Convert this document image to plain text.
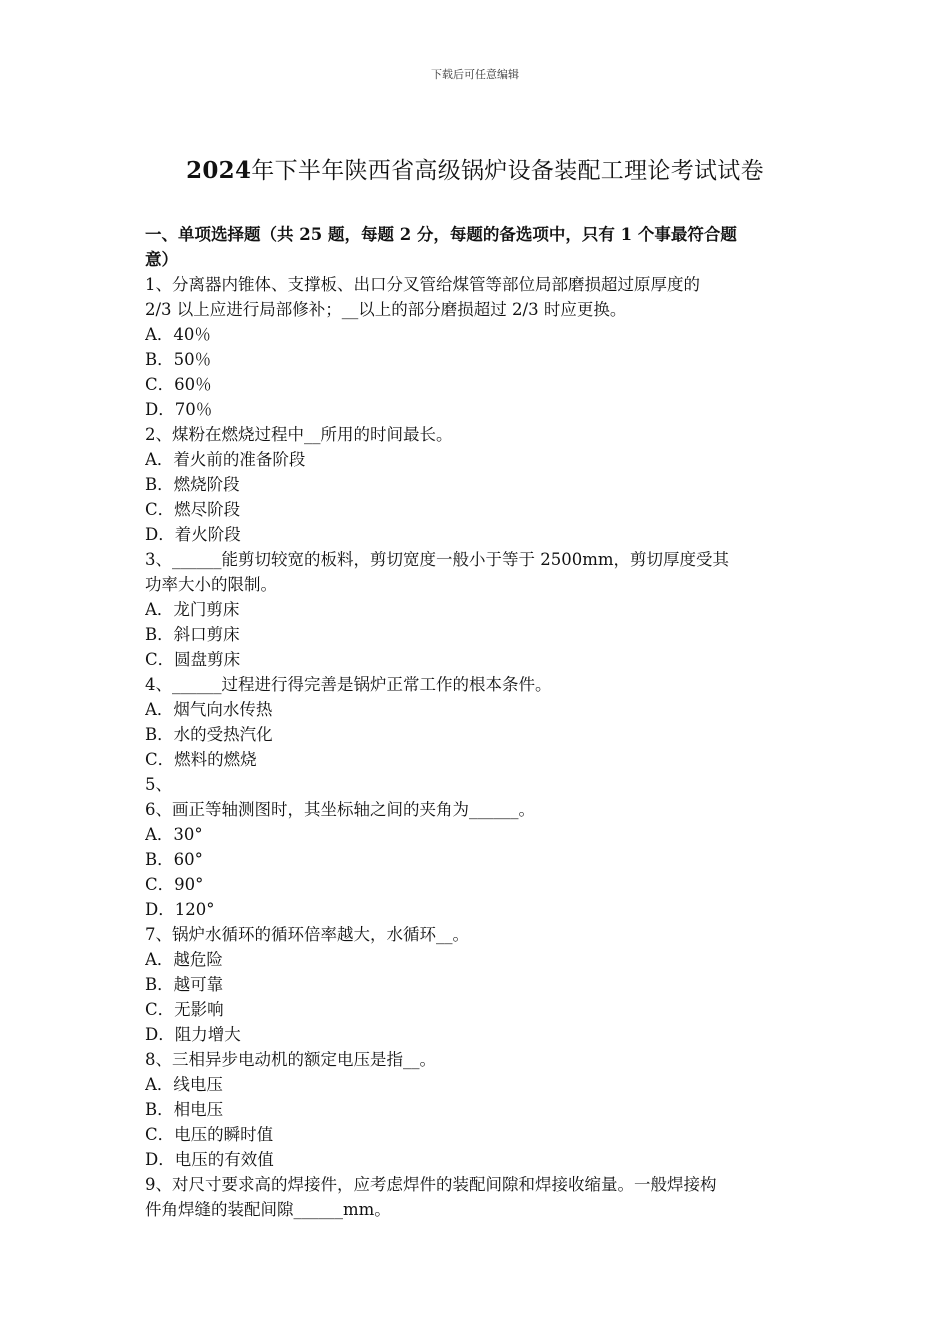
下载后可任意编辑
2024年下半年陕西省高级锅炉设备装配工理论考试试卷
一、单项选择题（共 25 题，每题 2 分，每题的备选项中，只有 1 个事最符合题
意）
1、分离器内锥体、支撑板、出口分叉管给煤管等部位局部磨损超过原厚度的
2/3 以上应进行局部修补；__以上的部分磨损超过 2/3 时应更换。
A．40％
B．50％
C．60％
D．70％
2、煤粉在燃烧过程中__所用的时间最长。
A．着火前的准备阶段
B．燃烧阶段
C．燃尽阶段
D．着火阶段
3、______能剪切较宽的板料，剪切宽度一般小于等于 2500mm，剪切厚度受其
功率大小的限制。
A．龙门剪床
B．斜口剪床
C．圆盘剪床
4、______过程进行得完善是锅炉正常工作的根本条件。
A．烟气向水传热
B．水的受热汽化
C．燃料的燃烧
5、
6、画正等轴测图时，其坐标轴之间的夹角为______。
A．30°
B．60°
C．90°
D．120°
7、锅炉水循环的循环倍率越大，水循环__。
A．越危险
B．越可靠
C．无影响
D．阻力增大
8、三相异步电动机的额定电压是指__。
A．线电压
B．相电压
C．电压的瞬时值
D．电压的有效值
9、对尺寸要求高的焊接件，应考虑焊件的装配间隙和焊接收缩量。一般焊接构
件角焊缝的装配间隙______mm。
